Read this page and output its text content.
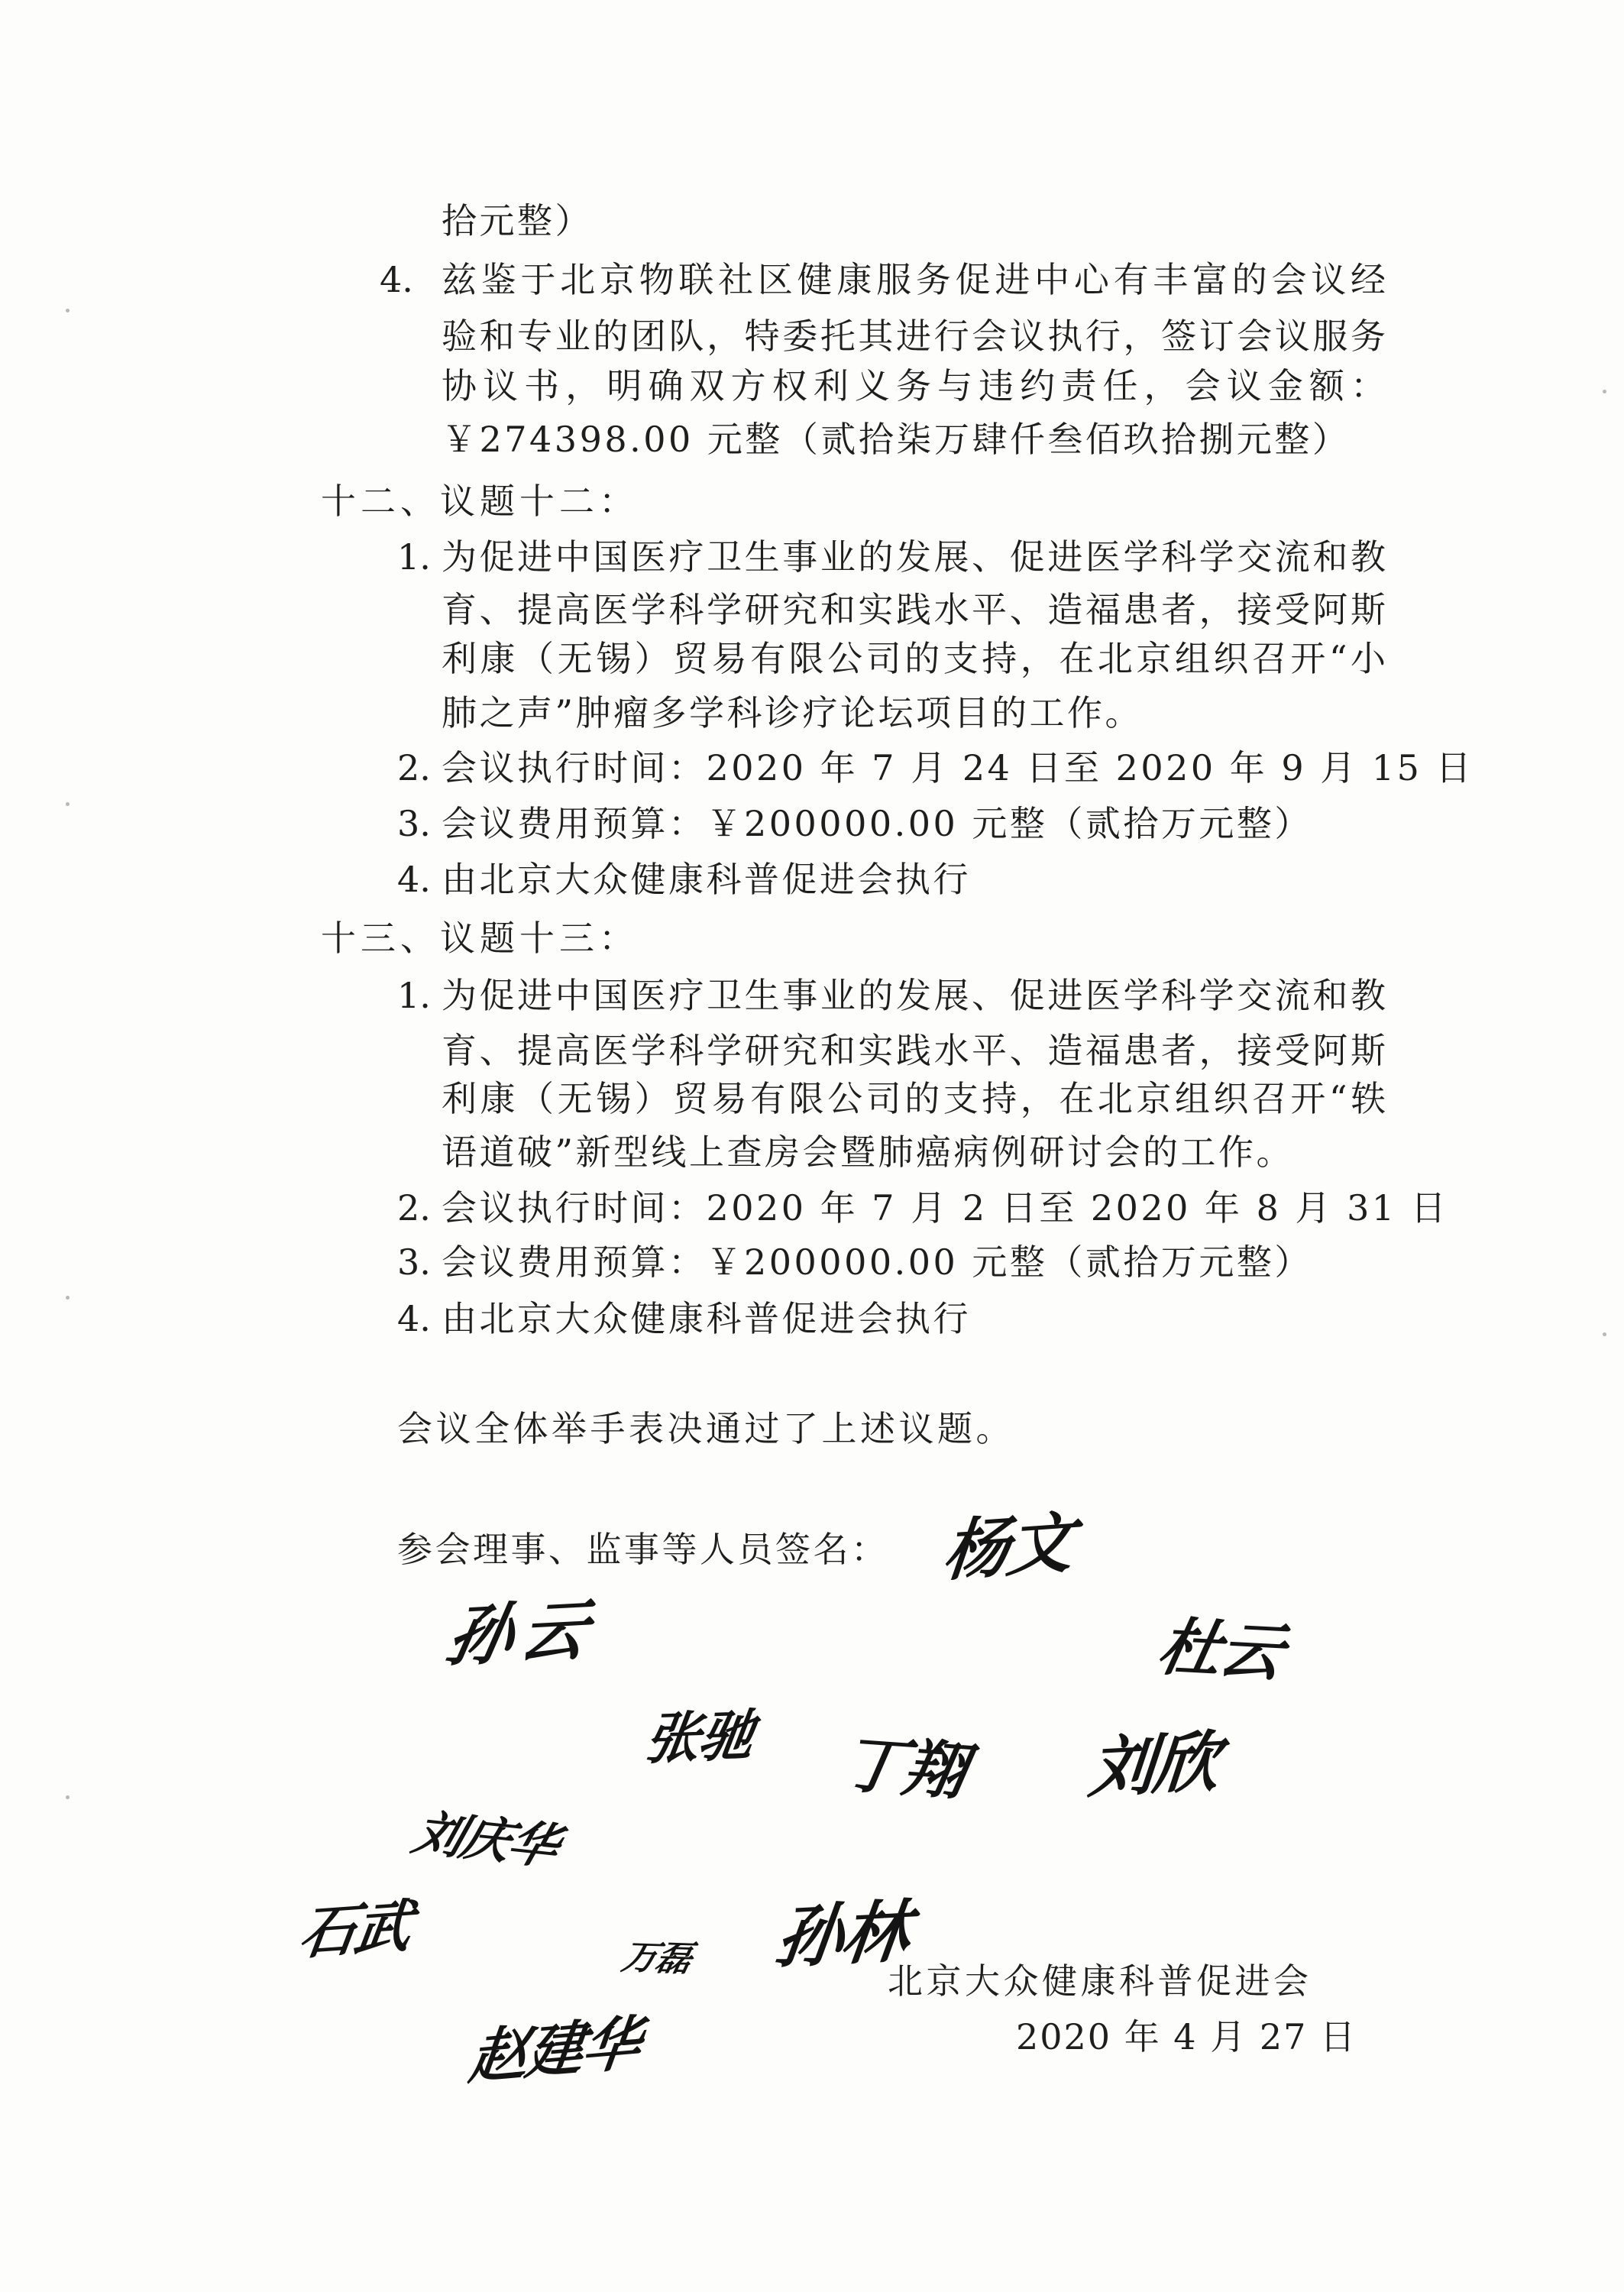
拾元整）
4. 兹鉴于北京物联社区健康服务促进中心有丰富的会议经
验和专业的团队，特委托其进行会议执行，签订会议服务
协议书，明确双方权利义务与违约责任，会议金额：
￥274398.00 元整（贰拾柒万肆仟叁佰玖拾捌元整）
十二、议题十二：
1. 为促进中国医疗卫生事业的发展、促进医学科学交流和教
育、提高医学科学研究和实践水平、造福患者，接受阿斯
利康（无锡）贸易有限公司的支持，在北京组织召开“小
肺之声”肿瘤多学科诊疗论坛项目的工作。
2. 会议执行时间：2020 年 7 月 24 日至 2020 年 9 月 15 日
3. 会议费用预算：￥200000.00 元整（贰拾万元整）
4. 由北京大众健康科普促进会执行
十三、议题十三：
1. 为促进中国医疗卫生事业的发展、促进医学科学交流和教
育、提高医学科学研究和实践水平、造福患者，接受阿斯
利康（无锡）贸易有限公司的支持，在北京组织召开“轶
语道破”新型线上查房会暨肺癌病例研讨会的工作。
2. 会议执行时间：2020 年 7 月 2 日至 2020 年 8 月 31 日
3. 会议费用预算：￥200000.00 元整（贰拾万元整）
4. 由北京大众健康科普促进会执行
会议全体举手表决通过了上述议题。
参会理事、监事等人员签名： 杨文
孙云	杜云
张驰 丁翔 刘欣
刘庆华
石武	万磊 孙林
赵建华
北京大众健康科普促进会
2020 年 4 月 27 日
